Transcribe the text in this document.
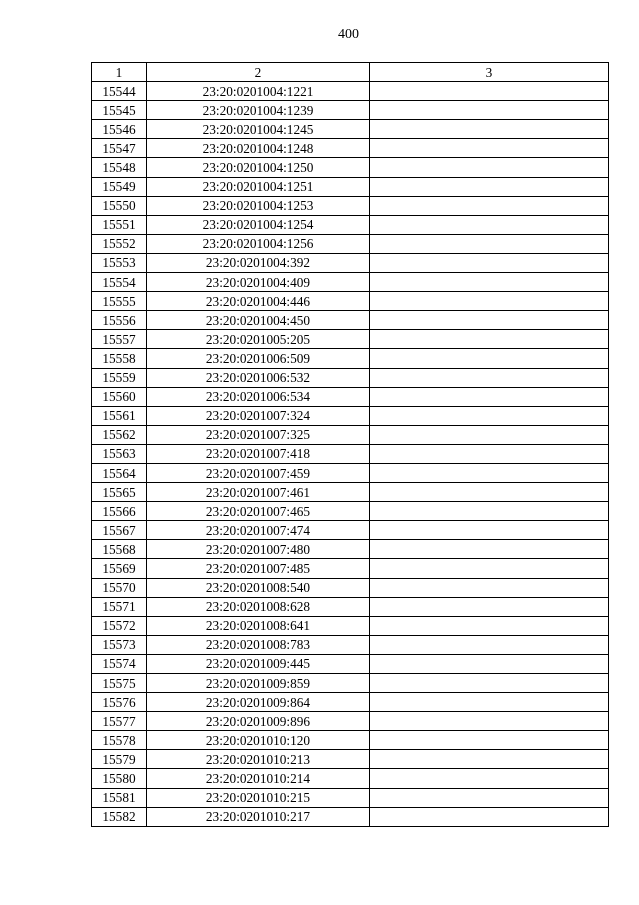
400
1	2	3
15544	23:20:0201004:1221	
15545	23:20:0201004:1239	
15546	23:20:0201004:1245	
15547	23:20:0201004:1248	
15548	23:20:0201004:1250	
15549	23:20:0201004:1251	
15550	23:20:0201004:1253	
15551	23:20:0201004:1254	
15552	23:20:0201004:1256	
15553	23:20:0201004:392	
15554	23:20:0201004:409	
15555	23:20:0201004:446	
15556	23:20:0201004:450	
15557	23:20:0201005:205	
15558	23:20:0201006:509	
15559	23:20:0201006:532	
15560	23:20:0201006:534	
15561	23:20:0201007:324	
15562	23:20:0201007:325	
15563	23:20:0201007:418	
15564	23:20:0201007:459	
15565	23:20:0201007:461	
15566	23:20:0201007:465	
15567	23:20:0201007:474	
15568	23:20:0201007:480	
15569	23:20:0201007:485	
15570	23:20:0201008:540	
15571	23:20:0201008:628	
15572	23:20:0201008:641	
15573	23:20:0201008:783	
15574	23:20:0201009:445	
15575	23:20:0201009:859	
15576	23:20:0201009:864	
15577	23:20:0201009:896	
15578	23:20:0201010:120	
15579	23:20:0201010:213	
15580	23:20:0201010:214	
15581	23:20:0201010:215	
15582	23:20:0201010:217	
